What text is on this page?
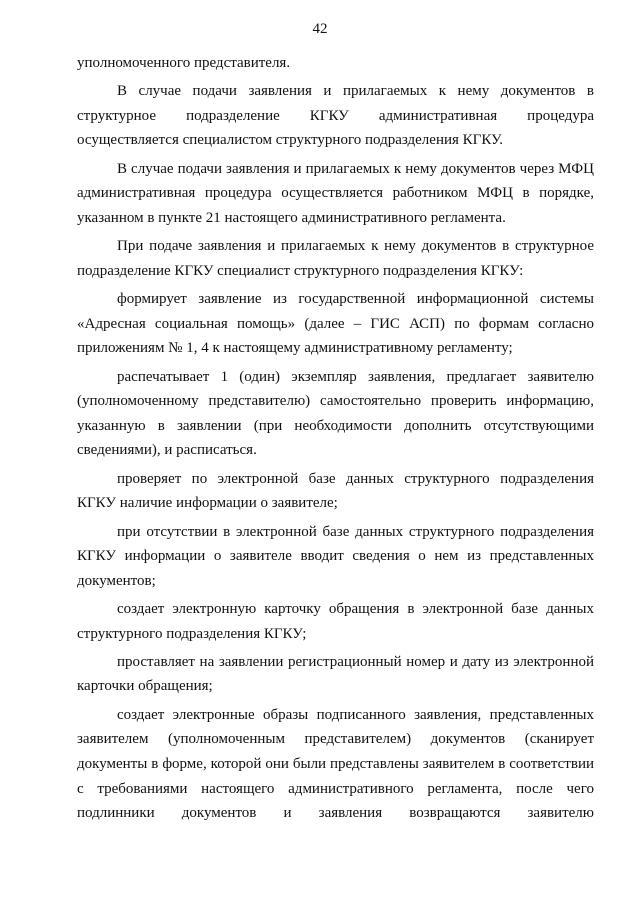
42

уполномоченного представителя.

В случае подачи заявления и прилагаемых к нему документов в структурное подразделение КГКУ административная процедура осуществляется специалистом структурного подразделения КГКУ.

В случае подачи заявления и прилагаемых к нему документов через МФЦ административная процедура осуществляется работником МФЦ в порядке, указанном в пункте 21 настоящего административного регламента.

При подаче заявления и прилагаемых к нему документов в структурное подразделение КГКУ специалист структурного подразделения КГКУ:

формирует заявление из государственной информационной системы «Адресная социальная помощь» (далее – ГИС АСП) по формам согласно приложениям № 1, 4 к настоящему административному регламенту;

распечатывает 1 (один) экземпляр заявления, предлагает заявителю (уполномоченному представителю) самостоятельно проверить информацию, указанную в заявлении (при необходимости дополнить отсутствующими сведениями), и расписаться.

проверяет по электронной базе данных структурного подразделения КГКУ наличие информации о заявителе;

при отсутствии в электронной базе данных структурного подразделения КГКУ информации о заявителе вводит сведения о нем из представленных документов;

создает электронную карточку обращения в электронной базе данных структурного подразделения КГКУ;

проставляет на заявлении регистрационный номер и дату из электронной карточки обращения;

создает электронные образы подписанного заявления, представленных заявителем (уполномоченным представителем) документов (сканирует документы в форме, которой они были представлены заявителем в соответствии с требованиями настоящего административного регламента, после чего подлинники документов и заявления возвращаются заявителю
